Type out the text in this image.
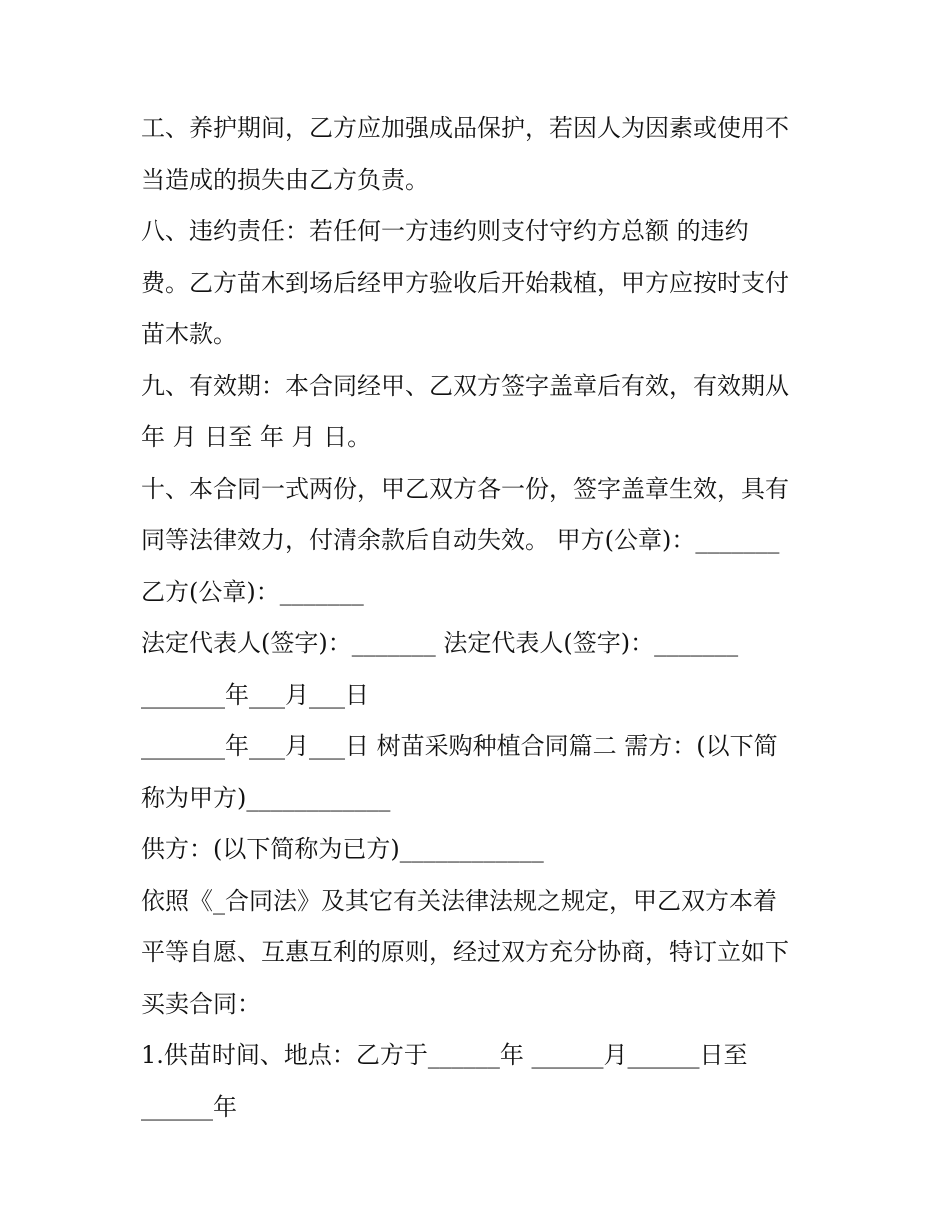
工、养护期间，乙方应加强成品保护，若因人为因素或使用不
当造成的损失由乙方负责。
八、违约责任：若任何一方违约则支付守约方总额 的违约
费。乙方苗木到场后经甲方验收后开始栽植，甲方应按时支付
苗木款。
九、有效期：本合同经甲、乙双方签字盖章后有效，有效期从
年 月 日至 年 月 日。
十、本合同一式两份，甲乙双方各一份，签字盖章生效，具有
同等法律效力，付清余款后自动失效。 甲方(公章)：_______
乙方(公章)：_______
法定代表人(签字)：_______ 法定代表人(签字)：_______
_______年___月___日
_______年___月___日 树苗采购种植合同篇二 需方：(以下简
称为甲方)____________
供方：(以下简称为已方)____________
依照《_合同法》及其它有关法律法规之规定，甲乙双方本着
平等自愿、互惠互利的原则，经过双方充分协商，特订立如下
买卖合同：
1.供苗时间、地点：乙方于______年 ______月______日至
______年
